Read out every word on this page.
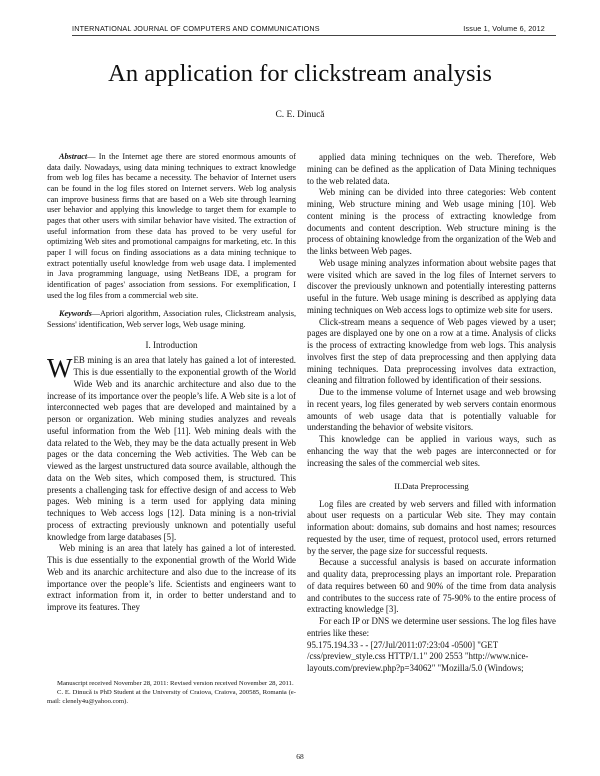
INTERNATIONAL JOURNAL OF COMPUTERS AND COMMUNICATIONS	Issue 1, Volume 6, 2012
An application for clickstream analysis
C. E. Dinucă

Abstract— In the Internet age there are stored enormous amounts of data daily. Nowadays, using data mining techniques to extract knowledge from web log files has became a necessity. The behavior of Internet users can be found in the log files stored on Internet servers. Web log analysis can improve business firms that are based on a Web site through learning user behavior and applying this knowledge to target them for example to pages that other users with similar behavior have visited. The extraction of useful information from these data has proved to be very useful for optimizing Web sites and promotional campaigns for marketing, etc. In this paper I will focus on finding associations as a data mining technique to extract potentially useful knowledge from web usage data. I implemented in Java programming language, using NetBeans IDE, a program for identification of pages' association from sessions. For exemplification, I used the log files from a commercial web site.

Keywords—Apriori algorithm, Association rules, Clickstream analysis, Sessions' identification, Web server logs, Web usage mining.

I. Introduction

WEB mining is an area that lately has gained a lot of interested. This is due essentially to the exponential growth of the World Wide Web and its anarchic architecture and also due to the increase of its importance over the people’s life. A Web site is a lot of interconnected web pages that are developed and maintained by a person or organization. Web mining studies analyzes and reveals useful information from the Web [11]. Web mining deals with the data related to the Web, they may be the data actually present in Web pages or the data concerning the Web activities. The Web can be viewed as the largest unstructured data source available, although the data on the Web sites, which composed them, is structured. This presents a challenging task for effective design of and access to Web pages. Web mining is a term used for applying data mining techniques to Web access logs [12]. Data mining is a non-trivial process of extracting previously unknown and potentially useful knowledge from large databases [5].

Web mining is an area that lately has gained a lot of interested. This is due essentially to the exponential growth of the World Wide Web and its anarchic architecture and also due to the increase of its importance over the people’s life. Scientists and engineers want to extract information from it, in order to better understand and to improve its features. They

applied data mining techniques on the web. Therefore, Web mining can be defined as the application of Data Mining techniques to the web related data.

Web mining can be divided into three categories: Web content mining, Web structure mining and Web usage mining [10]. Web content mining is the process of extracting knowledge from documents and content description. Web structure mining is the process of obtaining knowledge from the organization of the Web and the links between Web pages.

Web usage mining analyzes information about website pages that were visited which are saved in the log files of Internet servers to discover the previously unknown and potentially interesting patterns useful in the future. Web usage mining is described as applying data mining techniques on Web access logs to optimize web site for users.

Click-stream means a sequence of Web pages viewed by a user; pages are displayed one by one on a row at a time. Analysis of clicks is the process of extracting knowledge from web logs. This analysis involves first the step of data preprocessing and then applying data mining techniques. Data preprocessing involves data extraction, cleaning and filtration followed by identification of their sessions.

Due to the immense volume of Internet usage and web browsing in recent years, log files generated by web servers contain enormous amounts of web usage data that is potentially valuable for understanding the behavior of website visitors.

This knowledge can be applied in various ways, such as enhancing the way that the web pages are interconnected or for increasing the sales of the commercial web sites.

II.Data Preprocessing

Log files are created by web servers and filled with information about user requests on a particular Web site. They may contain information about: domains, sub domains and host names; resources requested by the user, time of request, protocol used, errors returned by the server, the page size for successful requests.

Because a successful analysis is based on accurate information and quality data, preprocessing plays an important role. Preparation of data requires between 60 and 90% of the time from data analysis and contributes to the success rate of 75-90% to the entire process of extracting knowledge [3].

For each IP or DNS we determine user sessions. The log files have entries like these:

95.175.194.33 - - [27/Jul/2011:07:23:04 -0500] "GET /css/preview_style.css HTTP/1.1" 200 2553 "http://www.nice-layouts.com/preview.php?p=34062" "Mozilla/5.0 (Windows;

Manuscript received November 28, 2011: Revised version received November 28, 2011.

C. E. Dinucă is PhD Student at the University of Craiova, Craiova, 200585, Romania (e-mail: clenely4u@yahoo.com).

68
